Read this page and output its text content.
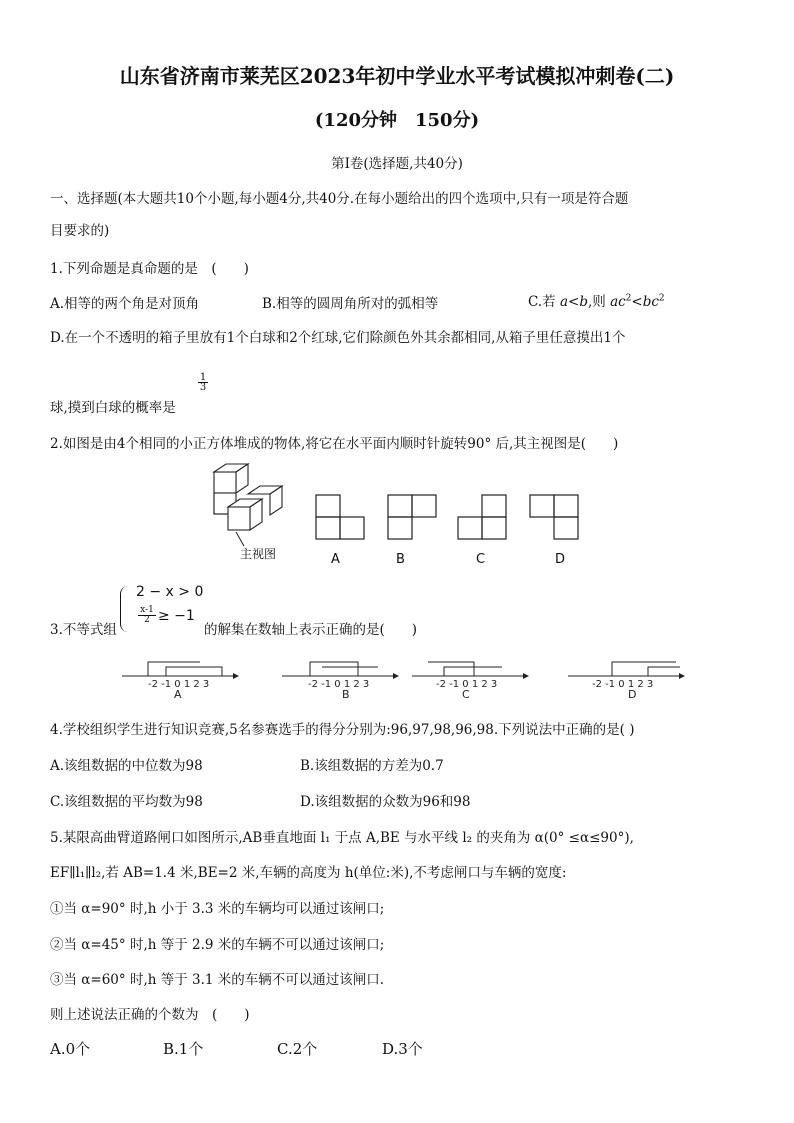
山东省济南市莱芜区2023年初中学业水平考试模拟冲刺卷(二)
(120分钟　150分)
第Ⅰ卷(选择题,共40分)
一、选择题(本大题共10个小题,每小题4分,共40分.在每小题给出的四个选项中,只有一项是符合题
目要求的)
1.下列命题是真命题的是　(　　)
A.相等的两个角是对顶角	B.相等的圆周角所对的弧相等	C.若 a<b,则 $ac^2<bc^2$
D.在一个不透明的箱子里放有1个白球和2个红球,它们除颜色外其余都相同,从箱子里任意摸出1个
球,摸到白球的概率是
$\frac{1}{3}$
2.如图是由4个相同的小正方体堆成的物体,将它在水平面内顺时针旋转90° 后,其主视图是(　　)
主视图	A	B	C	D
3.不等式组
2 − x > 0
$\frac{x-1}{2} \ge -1$
的解集在数轴上表示正确的是(　　)
-2 -1 0 1 2 3
A
-2 -1 0 1 2 3
B
-2 -1 0 1 2 3
C
-2 -1 0 1 2 3
D
4.学校组织学生进行知识竞赛,5名参赛选手的得分分别为:96,97,98,96,98.下列说法中正确的是( )
A.该组数据的中位数为98	B.该组数据的方差为0.7
C.该组数据的平均数为98	D.该组数据的众数为96和98
5.某限高曲臂道路闸口如图所示,AB垂直地面 l₁ 于点 A,BE 与水平线 l₂ 的夹角为 α(0° ≤α≤90°),
EF∥l₁∥l₂,若 AB=1.4 米,BE=2 米,车辆的高度为 h(单位:米),不考虑闸口与车辆的宽度:
①当 α=90° 时,h 小于 3.3 米的车辆均可以通过该闸口;
②当 α=45° 时,h 等于 2.9 米的车辆不可以通过该闸口;
③当 α=60° 时,h 等于 3.1 米的车辆不可以通过该闸口.
则上述说法正确的个数为　(　　)
A.0个	B.1个	C.2个	D.3个
